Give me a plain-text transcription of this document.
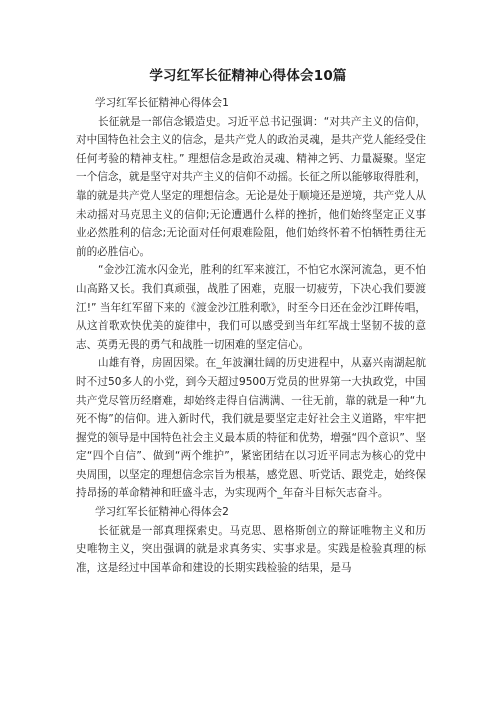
学习红军长征精神心得体会10篇

学习红军长征精神心得体会1

长征就是一部信念锻造史。习近平总书记强调：“对共产主义的信仰，对中国特色社会主义的信念，是共产党人的政治灵魂，是共产党人能经受住任何考验的精神支柱。” 理想信念是政治灵魂、精神之钙、力量凝聚。坚定一个信念，就是坚守对共产主义的信仰不动摇。长征之所以能够取得胜利，靠的就是共产党人坚定的理想信念。无论是处于顺境还是逆境，共产党人从未动摇对马克思主义的信仰;无论遭遇什么样的挫折，他们始终坚定正义事业必然胜利的信念;无论面对任何艰难险阻，他们始终怀着不怕牺牲勇往无前的必胜信心。

“金沙江流水闪金光，胜利的红军来渡江，不怕它水深河流急，更不怕山高路又长。我们真顽强，战胜了困难，克服一切疲劳，下决心我们要渡江!” 当年红军留下来的《渡金沙江胜利歌》，时至今日还在金沙江畔传唱，从这首歌欢快优美的旋律中，我们可以感受到当年红军战士坚韧不拔的意志、英勇无畏的勇气和战胜一切困难的坚定信心。

山雄有脊，房固因梁。在_年波澜壮阔的历史进程中，从嘉兴南湖起航时不过50多人的小党，到今天超过9500万党员的世界第一大执政党，中国共产党尽管历经磨难，却始终走得自信满满、一往无前，靠的就是一种“九死不悔”的信仰。进入新时代，我们就是要坚定走好社会主义道路，牢牢把握党的领导是中国特色社会主义最本质的特征和优势，增强“四个意识”、坚定“四个自信”、做到“两个维护”，紧密团结在以习近平同志为核心的党中央周围，以坚定的理想信念宗旨为根基，感党恩、听党话、跟党走，始终保持昂扬的革命精神和旺盛斗志，为实现两个_年奋斗目标矢志奋斗。

学习红军长征精神心得体会2

长征就是一部真理探索史。马克思、恩格斯创立的辩证唯物主义和历史唯物主义，突出强调的就是求真务实、实事求是。实践是检验真理的标准，这是经过中国革命和建设的长期实践检验的结果，是马
